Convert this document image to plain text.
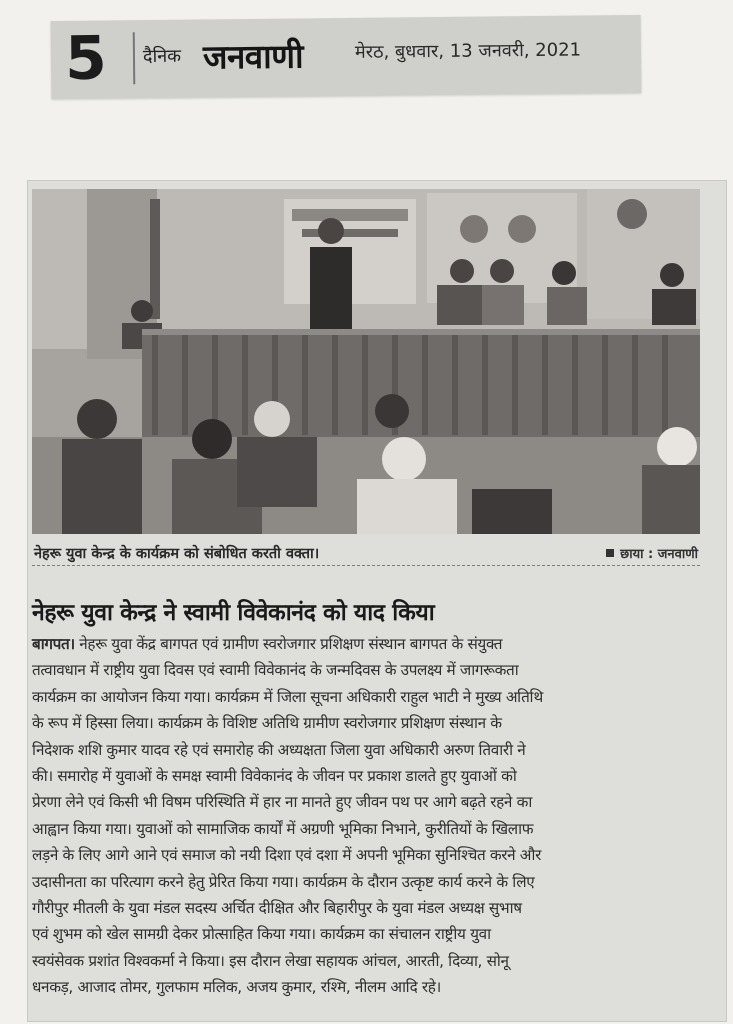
5 दैनिक जनवाणी	मेरठ, बुधवार, 13 जनवरी, 2021
नेहरू युवा केन्द्र के कार्यक्रम को संबोधित करती वक्ता।	छाया : जनवाणी
नेहरू युवा केन्द्र ने स्वामी विवेकानंद को याद किया
बागपत। नेहरू युवा केंद्र बागपत एवं ग्रामीण स्वरोजगार प्रशिक्षण संस्थान बागपत के संयुक्त
तत्वावधान में राष्ट्रीय युवा दिवस एवं स्वामी विवेकानंद के जन्मदिवस के उपलक्ष्य में जागरूकता
कार्यक्रम का आयोजन किया गया। कार्यक्रम में जिला सूचना अधिकारी राहुल भाटी ने मुख्य अतिथि
के रूप में हिस्सा लिया। कार्यक्रम के विशिष्ट अतिथि ग्रामीण स्वरोजगार प्रशिक्षण संस्थान के
निदेशक शशि कुमार यादव रहे एवं समारोह की अध्यक्षता जिला युवा अधिकारी अरुण तिवारी ने
की। समारोह में युवाओं के समक्ष स्वामी विवेकानंद के जीवन पर प्रकाश डालते हुए युवाओं को
प्रेरणा लेने एवं किसी भी विषम परिस्थिति में हार ना मानते हुए जीवन पथ पर आगे बढ़ते रहने का
आह्वान किया गया। युवाओं को सामाजिक कार्यों में अग्रणी भूमिका निभाने, कुरीतियों के खिलाफ
लड़ने के लिए आगे आने एवं समाज को नयी दिशा एवं दशा में अपनी भूमिका सुनिश्चित करने और
उदासीनता का परित्याग करने हेतु प्रेरित किया गया। कार्यक्रम के दौरान उत्कृष्ट कार्य करने के लिए
गौरीपुर मीतली के युवा मंडल सदस्य अर्चित दीक्षित और बिहारीपुर के युवा मंडल अध्यक्ष सुभाष
एवं शुभम को खेल सामग्री देकर प्रोत्साहित किया गया। कार्यक्रम का संचालन राष्ट्रीय युवा
स्वयंसेवक प्रशांत विश्वकर्मा ने किया। इस दौरान लेखा सहायक आंचल, आरती, दिव्या, सोनू
धनकड़, आजाद तोमर, गुलफाम मलिक, अजय कुमार, रश्मि, नीलम आदि रहे।
